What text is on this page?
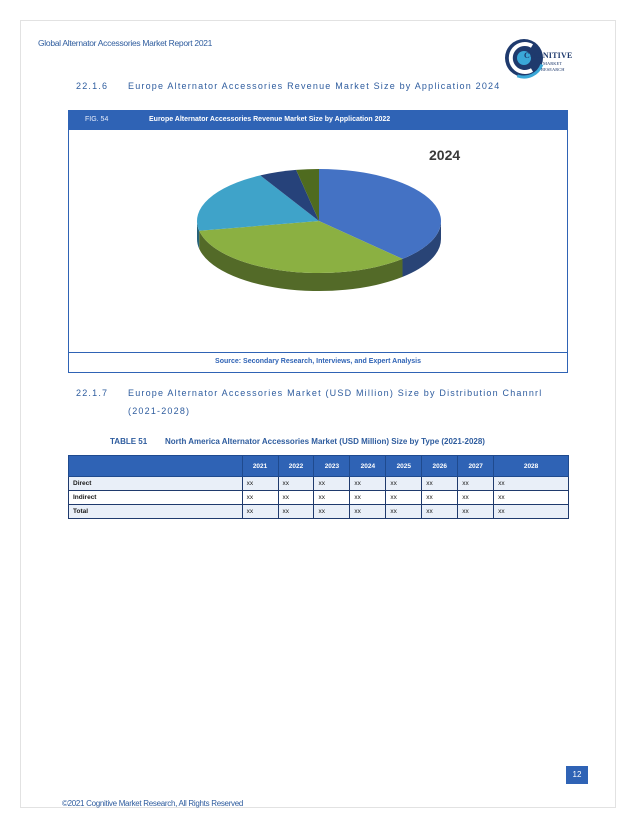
Global Alternator Accessories Market Report 2021
COGNITIVE
MARKET
RESEARCH
22.1.6 Europe Alternator Accessories Revenue Market Size by Application 2024
FIG. 54	Europe Alternator Accessories Revenue Market Size by Application 2022
2024
Source: Secondary Research, Interviews, and Expert Analysis
22.1.7 Europe Alternator Accessories Market (USD Million) Size by Distribution Channrl
(2021-2028)
TABLE 51 North America Alternator Accessories Market (USD Million) Size by Type (2021-2028)
	2021	2022	2023	2024	2025	2026	2027	2028
Direct	xx	xx	xx	xx	xx	xx	xx	xx
Indirect	xx	xx	xx	xx	xx	xx	xx	xx
Total	xx	xx	xx	xx	xx	xx	xx	xx
12
©2021 Cognitive Market Research, All Rights Reserved
